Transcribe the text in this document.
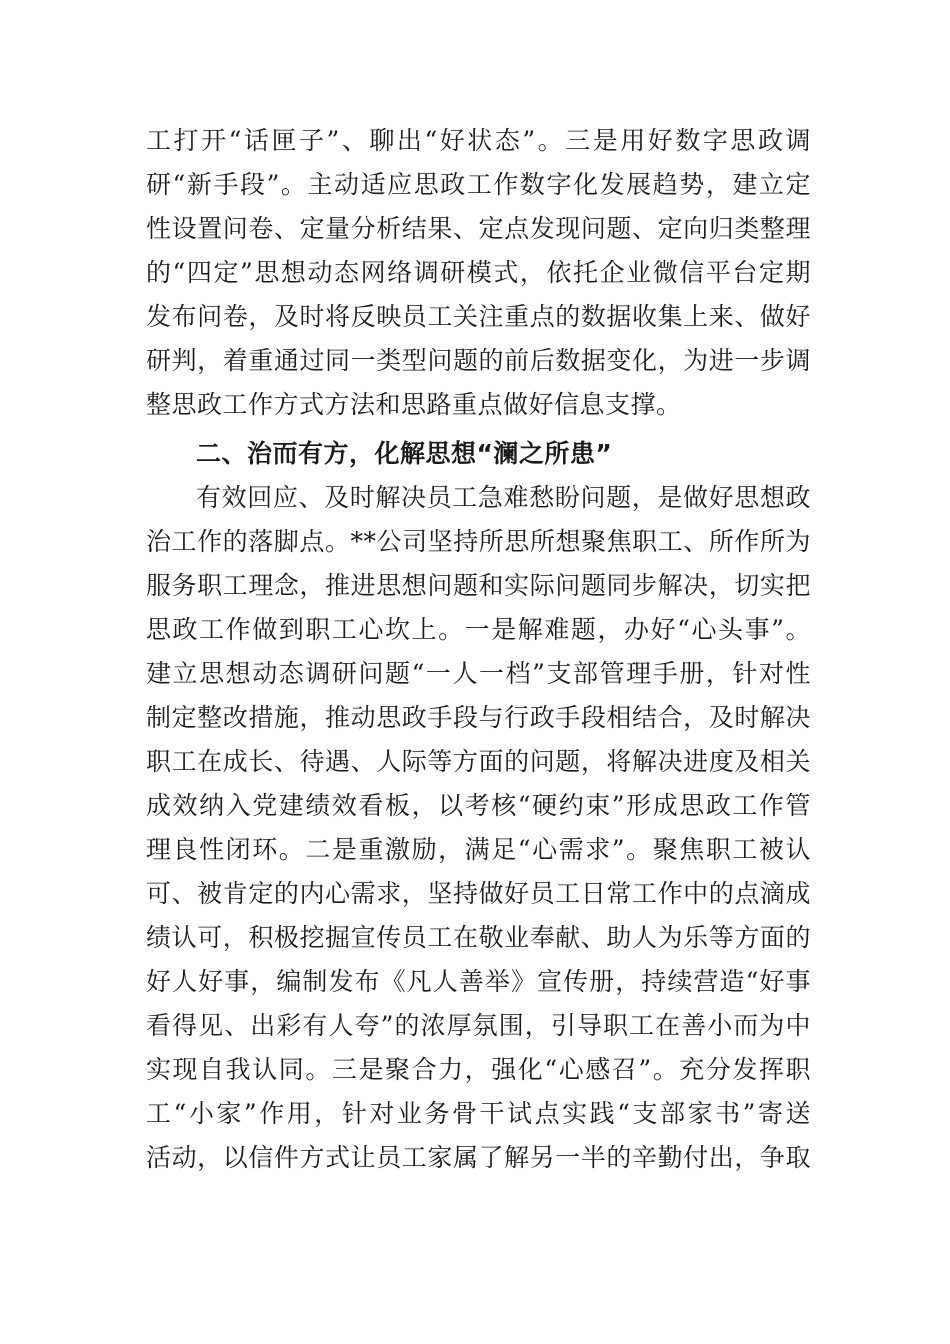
工打开“话匣子”、聊出“好状态”。三是用好数字思政调
研“新手段”。主动适应思政工作数字化发展趋势，建立定
性设置问卷、定量分析结果、定点发现问题、定向归类整理
的“四定”思想动态网络调研模式，依托企业微信平台定期
发布问卷，及时将反映员工关注重点的数据收集上来、做好
研判，着重通过同一类型问题的前后数据变化，为进一步调
整思政工作方式方法和思路重点做好信息支撑。
二、治而有方，化解思想“澜之所患”
有效回应、及时解决员工急难愁盼问题，是做好思想政
治工作的落脚点。**公司坚持所思所想聚焦职工、所作所为
服务职工理念，推进思想问题和实际问题同步解决，切实把
思政工作做到职工心坎上。一是解难题，办好“心头事”。
建立思想动态调研问题“一人一档”支部管理手册，针对性
制定整改措施，推动思政手段与行政手段相结合，及时解决
职工在成长、待遇、人际等方面的问题，将解决进度及相关
成效纳入党建绩效看板，以考核“硬约束”形成思政工作管
理良性闭环。二是重激励，满足“心需求”。聚焦职工被认
可、被肯定的内心需求，坚持做好员工日常工作中的点滴成
绩认可，积极挖掘宣传员工在敬业奉献、助人为乐等方面的
好人好事，编制发布《凡人善举》宣传册，持续营造“好事
看得见、出彩有人夸”的浓厚氛围，引导职工在善小而为中
实现自我认同。三是聚合力，强化“心感召”。充分发挥职
工“小家”作用，针对业务骨干试点实践“支部家书”寄送
活动，以信件方式让员工家属了解另一半的辛勤付出，争取
